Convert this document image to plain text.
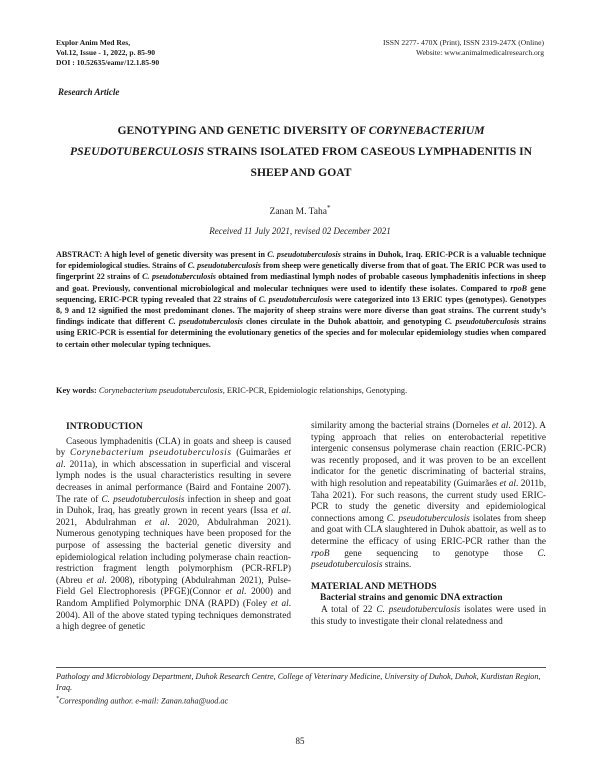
Explor Anim Med Res,
Vol.12, Issue - 1, 2022, p. 85-90
DOI : 10.52635/eamr/12.1.85-90
ISSN 2277- 470X (Print), ISSN 2319-247X (Online)
Website: www.animalmedicalresearch.org
Research Article
GENOTYPING AND GENETIC DIVERSITY OF CORYNEBACTERIUM PSEUDOTUBERCULOSIS STRAINS ISOLATED FROM CASEOUS LYMPHADENITIS IN SHEEP AND GOAT
Zanan M. Taha*
Received 11 July 2021, revised 02 December 2021
ABSTRACT: A high level of genetic diversity was present in C. pseudotuberculosis strains in Duhok, Iraq. ERIC-PCR is a valuable technique for epidemiological studies. Strains of C. pseudotuberculosis from sheep were genetically diverse from that of goat. The ERIC PCR was used to fingerprint 22 strains of C. pseudotuberculosis obtained from mediastinal lymph nodes of probable caseous lymphadenitis infections in sheep and goat. Previously, conventional microbiological and molecular techniques were used to identify these isolates. Compared to rpoB gene sequencing, ERIC-PCR typing revealed that 22 strains of C. pseudotuberculosis were categorized into 13 ERIC types (genotypes). Genotypes 8, 9 and 12 signified the most predominant clones. The majority of sheep strains were more diverse than goat strains. The current study’s findings indicate that different C. pseudotuberculosis clones circulate in the Duhok abattoir, and genotyping C. pseudotuberculosis strains using ERIC-PCR is essential for determining the evolutionary genetics of the species and for molecular epidemiology studies when compared to certain other molecular typing techniques.
Key words: Corynebacterium pseudotuberculosis, ERIC-PCR, Epidemiologic relationships, Genotyping.
INTRODUCTION
Caseous lymphadenitis (CLA) in goats and sheep is caused by Corynebacterium pseudotuberculosis (Guimarães et al. 2011a), in which abscessation in superficial and visceral lymph nodes is the usual characteristics resulting in severe decreases in animal performance (Baird and Fontaine 2007). The rate of C. pseudotuberculosis infection in sheep and goat in Duhok, Iraq, has greatly grown in recent years (Issa et al. 2021, Abdulrahman et al. 2020, Abdulrahman 2021). Numerous genotyping techniques have been proposed for the purpose of assessing the bacterial genetic diversity and epidemiological relation including polymerase chain reaction-restriction fragment length polymorphism (PCR-RFLP) (Abreu et al. 2008), ribotyping (Abdulrahman 2021), Pulse-Field Gel Electrophoresis (PFGE)(Connor et al. 2000) and Random Amplified Polymorphic DNA (RAPD) (Foley et al. 2004). All of the above stated typing techniques demonstrated a high degree of genetic
similarity among the bacterial strains (Dorneles et al. 2012). A typing approach that relies on enterobacterial repetitive intergenic consensus polymerase chain reaction (ERIC-PCR) was recently proposed, and it was proven to be an excellent indicator for the genetic discriminating of bacterial strains, with high resolution and repeatability (Guimarães et al. 2011b, Taha 2021). For such reasons, the current study used ERIC-PCR to study the genetic diversity and epidemiological connections among C. pseudotuberculosis isolates from sheep and goat with CLA slaughtered in Duhok abattoir, as well as to determine the efficacy of using ERIC-PCR rather than the rpoB gene sequencing to genotype those C. pseudotuberculosis strains.
MATERIAL AND METHODS
Bacterial strains and genomic DNA extraction
A total of 22 C. pseudotuberculosis isolates were used in this study to investigate their clonal relatedness and
Pathology and Microbiology Department, Duhok Research Centre, College of Veterinary Medicine, University of Duhok, Duhok, Kurdistan Region, Iraq.
*Corresponding author. e-mail: Zanan.taha@uod.ac
85
